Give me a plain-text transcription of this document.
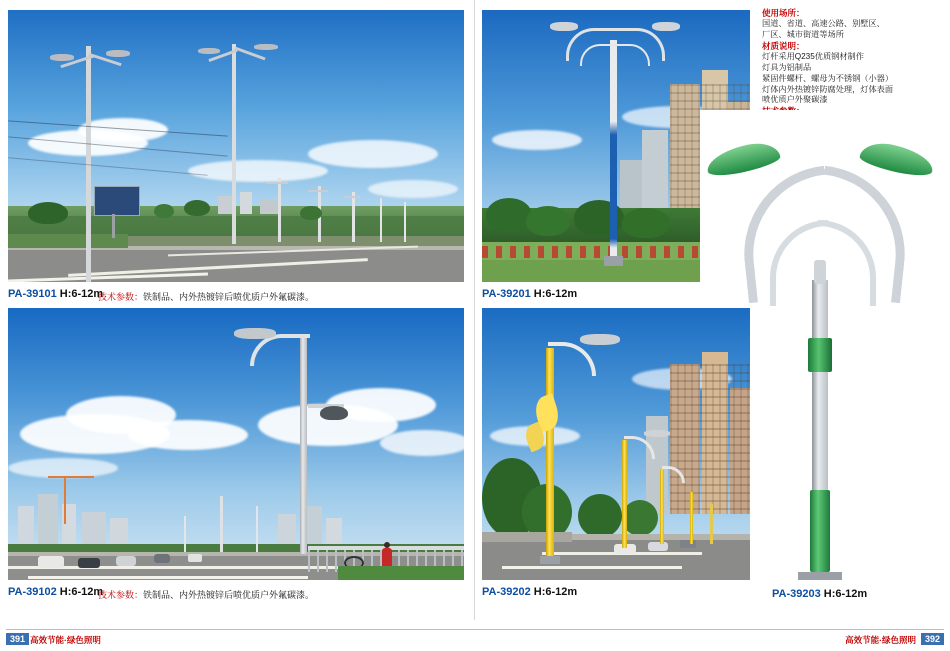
PA-39101 H:6-12m
技术参数：铁制品、内外热镀锌后喷优质户外氟碳漆。	PA-39201 H:6-12m
使用场所：
国道、省道、高速公路、别墅区、
厂区、城市街道等场所
材质说明：
灯杆采用Q235优质钢材制作
灯具为铝制品
紧固件螺杆、螺母为不锈钢（小器）
灯体内外热镀锌防腐处理，灯体表面
喷优质户外聚碳漆
PA-39203 H:6-12m
PA-39102 H:6-12m
技术参数：铁制品、内外热镀锌后喷优质户外氟碳漆。	PA-39202 H:6-12m
391 高效节能·绿色照明	高效节能·绿色照明 392
